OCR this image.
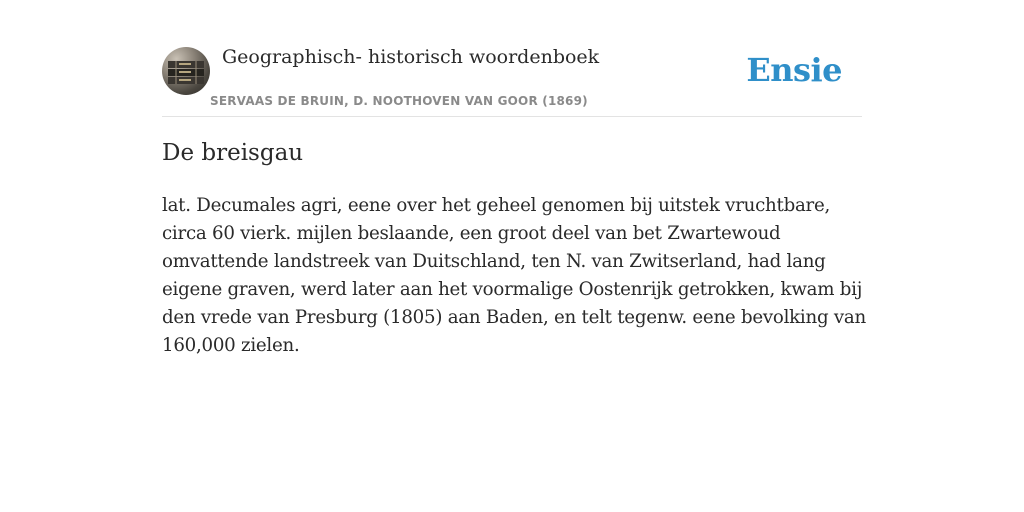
Geographisch- historisch woordenboek
SERVAAS DE BRUIN, D. NOOTHOVEN VAN GOOR (1869)
Ensie
De breisgau

lat. Decumales agri, eene over het geheel genomen bij uitstek vruchtbare, circa 60 vierk. mijlen beslaande, een groot deel van bet Zwartewoud omvattende landstreek van Duitschland, ten N. van Zwitserland, had lang eigene graven, werd later aan het voormalige Oostenrijk getrokken, kwam bij den vrede van Presburg (1805) aan Baden, en telt tegenw. eene bevolking van 160,000 zielen.
